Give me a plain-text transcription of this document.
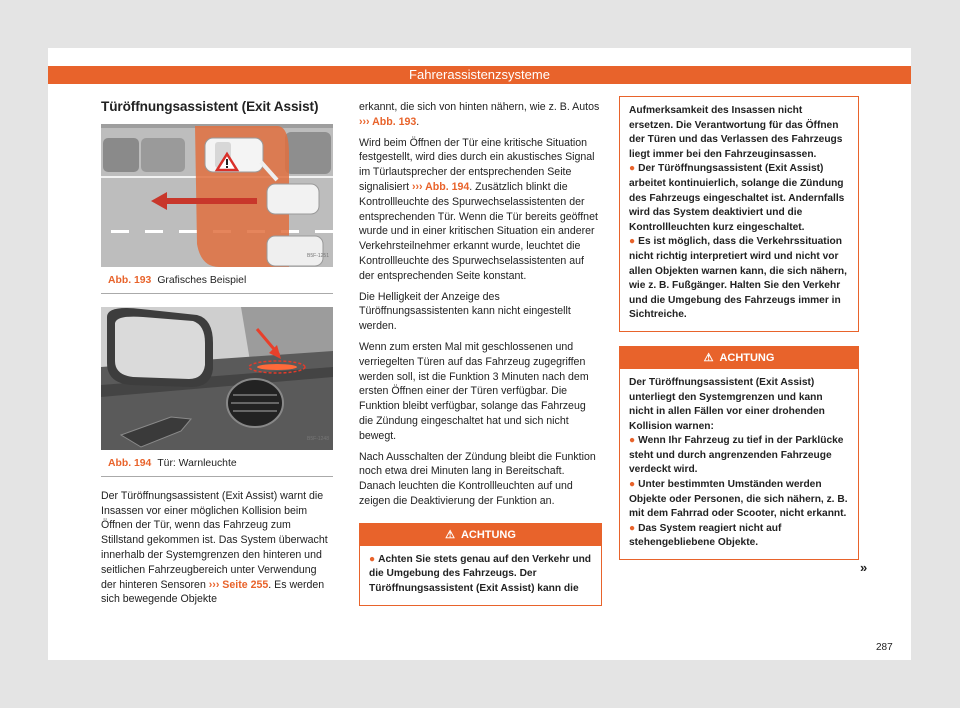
Fahrerassistenzsysteme
Türöffnungsassistent (Exit Assist)
B5F-1251
Abb. 193 Grafisches Beispiel
B5F-1248
Abb. 194 Tür: Warnleuchte

Der Türöffnungsassistent (Exit Assist) warnt die Insassen vor einer möglichen Kollision beim Öffnen der Tür, wenn das Fahrzeug zum Stillstand gekommen ist. Das System überwacht innerhalb der Systemgrenzen den hinteren und seitlichen Fahrzeugbereich unter Verwendung der hinteren Sensoren ››› Seite 255. Es werden sich bewegende Objekte

erkannt, die sich von hinten nähern, wie z. B. Autos ››› Abb. 193.

Wird beim Öffnen der Tür eine kritische Situation festgestellt, wird dies durch ein akustisches Signal im Türlautsprecher der entsprechenden Seite signalisiert ››› Abb. 194. Zusätzlich blinkt die Kontrollleuchte des Spurwechselassistenten der entsprechenden Tür. Wenn die Tür bereits geöffnet wurde und in einer kritischen Situation ein anderer Verkehrsteilnehmer erkannt wurde, leuchtet die Kontrollleuchte des Spurwechselassistenten auf der entsprechenden Seite konstant.

Die Helligkeit der Anzeige des Türöffnungsassistenten kann nicht eingestellt werden.

Wenn zum ersten Mal mit geschlossenen und verriegelten Türen auf das Fahrzeug zugegriffen werden soll, ist die Funktion 3 Minuten nach dem ersten Öffnen einer der Türen verfügbar. Die Funktion bleibt verfügbar, solange das Fahrzeug die Zündung eingeschaltet hat und sich nicht bewegt.

Nach Ausschalten der Zündung bleibt die Funktion noch etwa drei Minuten lang in Bereitschaft. Danach leuchten die Kontrollleuchten auf und zeigen die Deaktivierung der Funktion an.

⚠ ACHTUNG
● Achten Sie stets genau auf den Verkehr und die Umgebung des Fahrzeugs. Der Türöffnungsassistent (Exit Assist) kann die
Aufmerksamkeit des Insassen nicht ersetzen. Die Verantwortung für das Öffnen der Türen und das Verlassen des Fahrzeugs liegt immer bei den Fahrzeuginsassen.
● Der Türöffnungsassistent (Exit Assist) arbeitet kontinuierlich, solange die Zündung des Fahrzeugs eingeschaltet ist. Andernfalls wird das System deaktiviert und die Kontrollleuchten kurz eingeschaltet.
● Es ist möglich, dass die Verkehrssituation nicht richtig interpretiert wird und nicht vor allen Objekten warnen kann, die sich nähern, wie z. B. Fußgänger. Halten Sie den Verkehr und die Umgebung des Fahrzeugs immer in Sichtreiche.
⚠ ACHTUNG
Der Türöffnungsassistent (Exit Assist) unterliegt den Systemgrenzen und kann nicht in allen Fällen vor einer drohenden Kollision warnen:
● Wenn Ihr Fahrzeug zu tief in der Parklücke steht und durch angrenzenden Fahrzeuge verdeckt wird.
● Unter bestimmten Umständen werden Objekte oder Personen, die sich nähern, z. B. mit dem Fahrrad oder Scooter, nicht erkannt.
● Das System reagiert nicht auf stehengebliebene Objekte.
»
287
